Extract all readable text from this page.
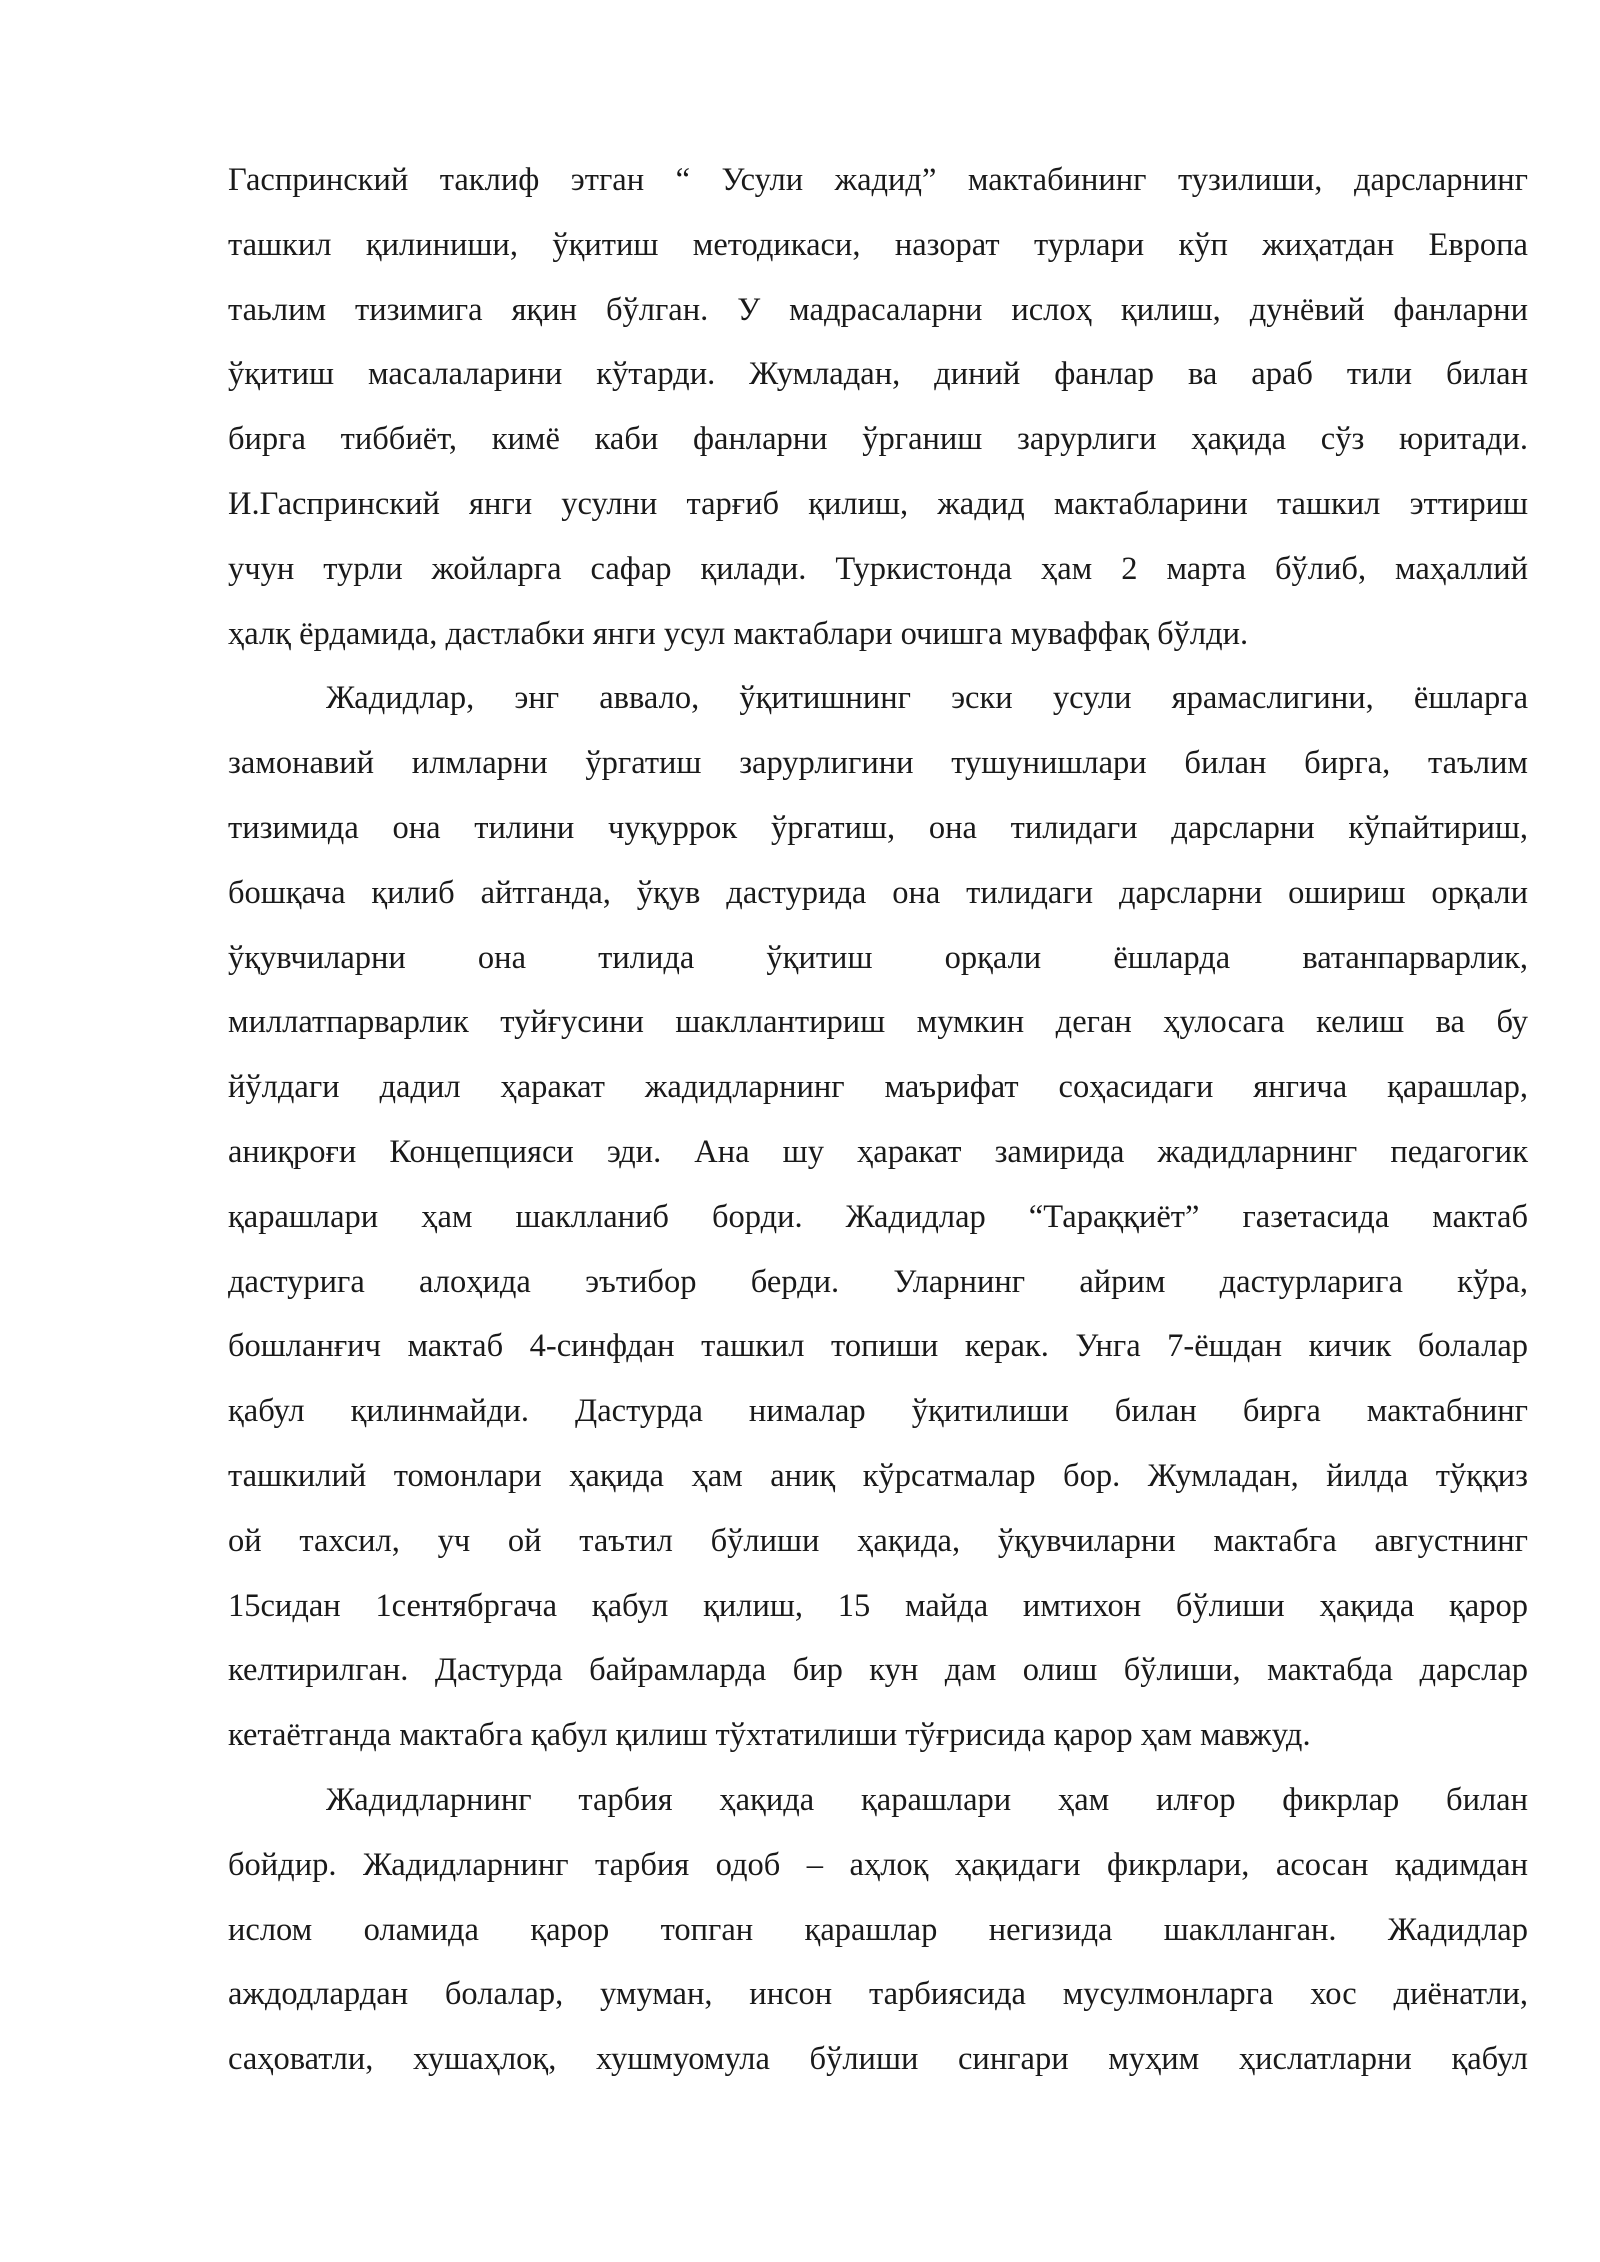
Гаспринский таклиф этган “ Усули жадид” мактабининг тузилиши, дарсларнинг
ташкил қилиниши, ўқитиш методикаси, назорат турлари кўп жиҳатдан Европа
таьлим тизимига яқин бўлган. У мадрасаларни ислоҳ қилиш, дунёвий фанларни
ўқитиш масалаларини кўтарди. Жумладан, диний фанлар ва араб тили билан
бирга тиббиёт, кимё каби фанларни ўрганиш зарурлиги ҳақида сўз юритади.
И.Гаспринский янги усулни тарғиб қилиш, жадид мактабларини ташкил эттириш
учун турли жойларга сафар қилади. Туркистонда ҳам 2 марта бўлиб, маҳаллий
ҳалқ ёрдамида, дастлабки янги усул мактаблари очишга муваффақ бўлди.
Жадидлар, энг аввало, ўқитишнинг эски усули ярамаслигини, ёшларга
замонавий илмларни ўргатиш зарурлигини тушунишлари билан бирга, таълим
тизимида она тилини чуқуррок ўргатиш, она тилидаги дарсларни кўпайтириш,
бошқача қилиб айтганда, ўқув дастурида она тилидаги дарсларни ошириш орқали
ўқувчиларни она тилида ўқитиш орқали ёшларда ватанпарварлик,
миллатпарварлик туйғусини шакллантириш мумкин деган ҳулосага келиш ва бу
йўлдаги дадил ҳаракат жадидларнинг маърифат соҳасидаги янгича қарашлар,
аниқроғи Концепцияси эди. Ана шу ҳаракат замирида жадидларнинг педагогик
қарашлари ҳам шаклланиб борди. Жадидлар “Тараққиёт” газетасида мактаб
дастурига алоҳида эътибор берди. Уларнинг айрим дастурларига кўра,
бошланғич мактаб 4-синфдан ташкил топиши керак. Унга 7-ёшдан кичик болалар
қабул қилинмайди. Дастурда нималар ўқитилиши билан бирга мактабнинг
ташкилий томонлари ҳақида ҳам аниқ кўрсатмалар бор. Жумладан, йилда тўққиз
ой тахсил, уч ой таътил бўлиши ҳақида, ўқувчиларни мактабга августнинг
15сидан 1сентябргача қабул қилиш, 15 майда имтихон бўлиши ҳақида қарор
келтирилган. Дастурда байрамларда бир кун дам олиш бўлиши, мактабда дарслар
кетаётганда мактабга қабул қилиш тўхтатилиши тўғрисида қарор ҳам мавжуд.
Жадидларнинг тарбия ҳақида қарашлари ҳам илғор фикрлар билан
бойдир. Жадидларнинг тарбия одоб – аҳлоқ ҳақидаги фикрлари, асосан қадимдан
ислом оламида қарор топган қарашлар негизида шаклланган. Жадидлар
аждодлардан болалар, умуман, инсон тарбиясида мусулмонларга хос диёнатли,
саҳоватли, хушаҳлоқ, хушмуомула бўлиши сингари муҳим ҳислатларни қабул
